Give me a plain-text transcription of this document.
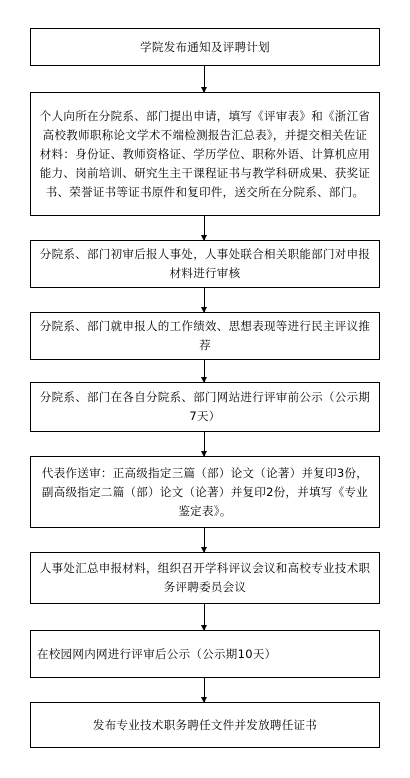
学院发布通知及评聘计划
个人向所在分院系、部门提出申请，填写《评审表》和《浙江省高校教师职称论文学术不端检测报告汇总表》，并提交相关佐证材料：身份证、教师资格证、学历学位、职称外语、计算机应用能力、岗前培训、研究生主干课程证书与教学科研成果、获奖证书、荣誉证书等证书原件和复印件，送交所在分院系、部门。
分院系、部门初审后报人事处，人事处联合相关职能部门对申报材料进行审核
分院系、部门就申报人的工作绩效、思想表现等进行民主评议推荐
分院系、部门在各自分院系、部门网站进行评审前公示（公示期7天）
代表作送审：正高级指定三篇（部）论文（论著）并复印3份，副高级指定二篇（部）论文（论著）并复印2份，并填写《专业鉴定表》。
人事处汇总申报材料，组织召开学科评议会议和高校专业技术职务评聘委员会议
在校园网内网进行评审后公示（公示期10天）
发布专业技术职务聘任文件并发放聘任证书
